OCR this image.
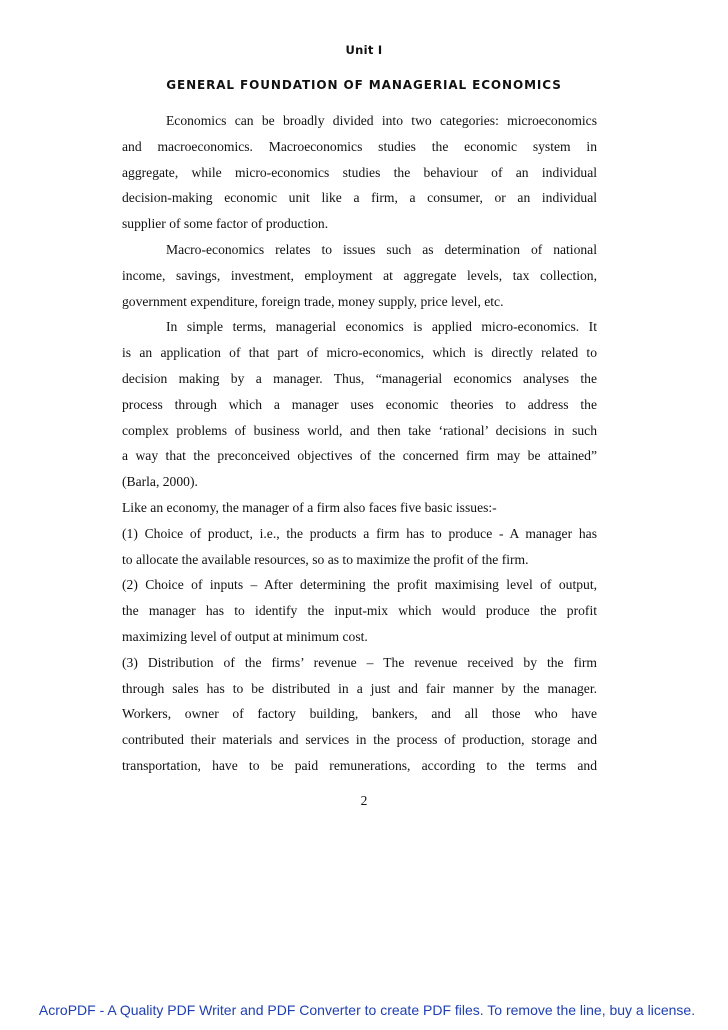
Unit I
GENERAL FOUNDATION OF MANAGERIAL ECONOMICS
Economics can be broadly divided into two categories: microeconomics
and macroeconomics. Macroeconomics studies the economic system in
aggregate, while micro-economics studies the behaviour of an individual
decision-making economic unit like a firm, a consumer, or an individual
supplier of some factor of production.
Macro-economics relates to issues such as determination of national
income, savings, investment, employment at aggregate levels, tax collection,
government expenditure, foreign trade, money supply, price level, etc.
In simple terms, managerial economics is applied micro-economics. It
is an application of that part of micro-economics, which is directly related to
decision making by a manager. Thus, “managerial economics analyses the
process through which a manager uses economic theories to address the
complex problems of business world, and then take ‘rational’ decisions in such
a way that the preconceived objectives of the concerned firm may be attained”
(Barla, 2000).
Like an economy, the manager of a firm also faces five basic issues:-
(1) Choice of product, i.e., the products a firm has to produce - A manager has
to allocate the available resources, so as to maximize the profit of the firm.
(2) Choice of inputs – After determining the profit maximising level of output,
the manager has to identify the input-mix which would produce the profit
maximizing level of output at minimum cost.
(3) Distribution of the firms’ revenue – The revenue received by the firm
through sales has to be distributed in a just and fair manner by the manager.
Workers, owner of factory building, bankers, and all those who have
contributed their materials and services in the process of production, storage and
transportation, have to be paid remunerations, according to the terms and
2
AcroPDF - A Quality PDF Writer and PDF Converter to create PDF files. To remove the line, buy a license.
